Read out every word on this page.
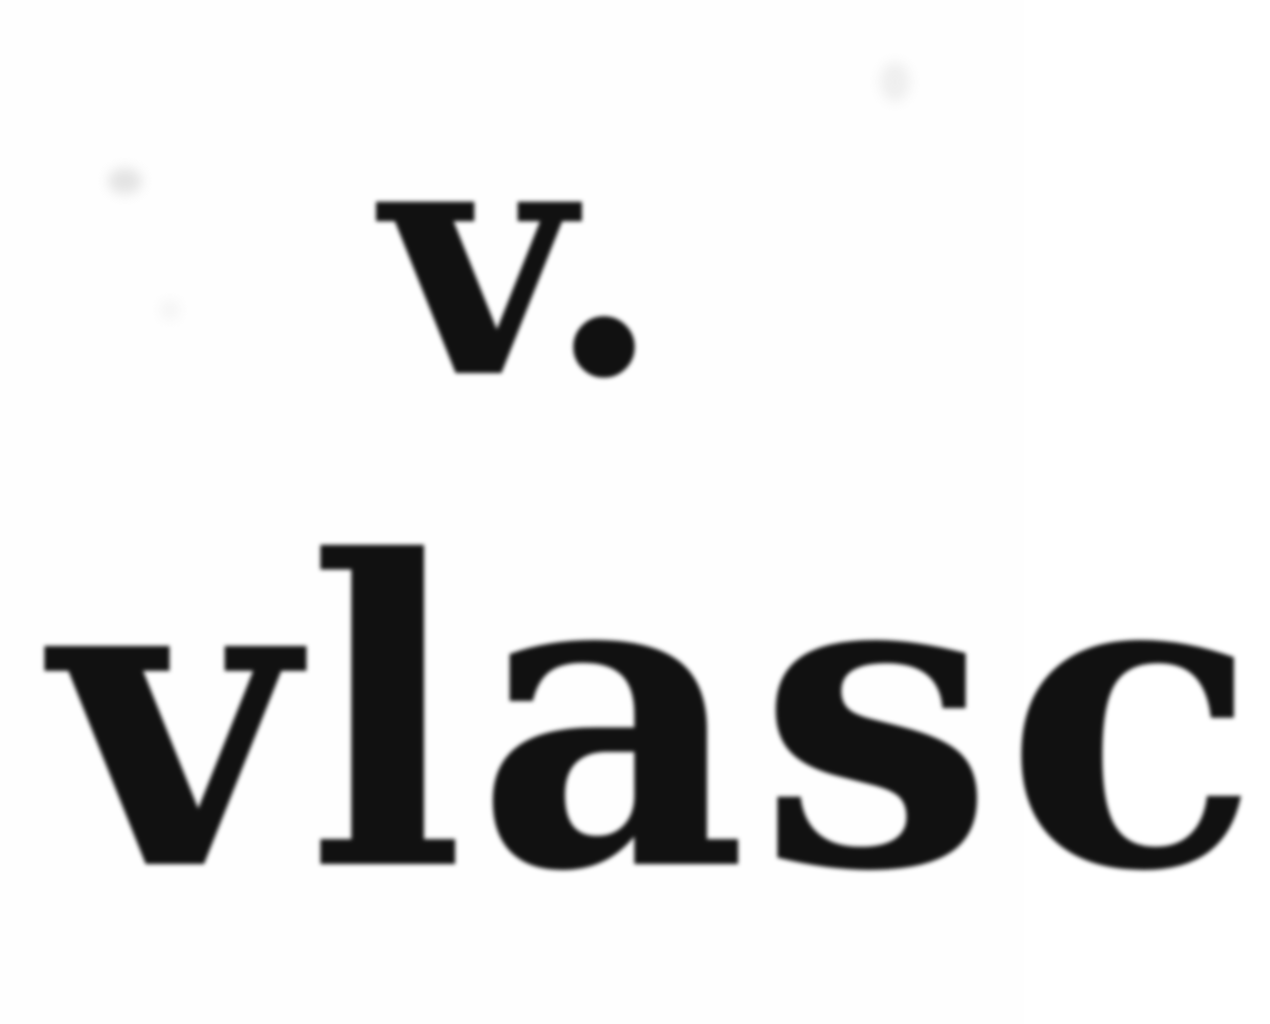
v.
vlasc
